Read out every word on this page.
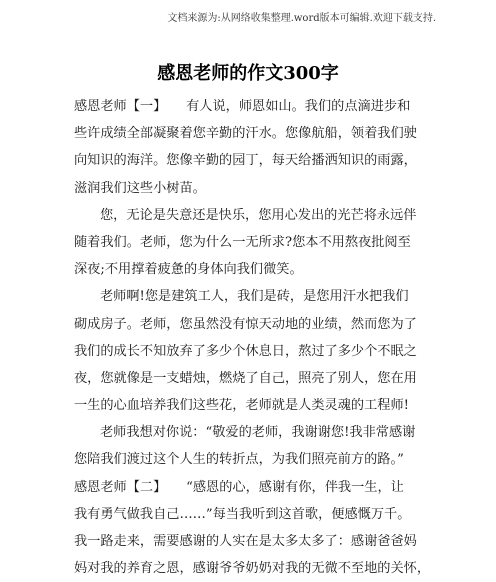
文档来源为:从网络收集整理.word版本可编辑.欢迎下载支持.
感恩老师的作文300字
感恩老师【一】　　有人说，师恩如山。我们的点滴进步和
些许成绩全部凝聚着您辛勤的汗水。您像航船，领着我们驶
向知识的海洋。您像辛勤的园丁，每天给播洒知识的雨露，
滋润我们这些小树苗。
您，无论是失意还是快乐，您用心发出的光芒将永远伴
随着我们。老师，您为什么一无所求?您本不用熬夜批阅至
深夜;不用撑着疲惫的身体向我们微笑。
老师啊!您是建筑工人，我们是砖，是您用汗水把我们
砌成房子。老师，您虽然没有惊天动地的业绩，然而您为了
我们的成长不知放弃了多少个休息日，熬过了多少个不眠之
夜，您就像是一支蜡烛，燃烧了自己，照亮了别人，您在用
一生的心血培养我们这些花，老师就是人类灵魂的工程师!
老师我想对你说：“敬爱的老师，我谢谢您!我非常感谢
您陪我们渡过这个人生的转折点，为我们照亮前方的路。”
感恩老师【二】　　“感恩的心，感谢有你，伴我一生，让
我有勇气做我自己……”每当我听到这首歌，便感慨万千。
我一路走来，需要感谢的人实在是太多太多了：感谢爸爸妈
妈对我的养育之恩，感谢爷爷奶奶对我的无微不至地的关怀，
